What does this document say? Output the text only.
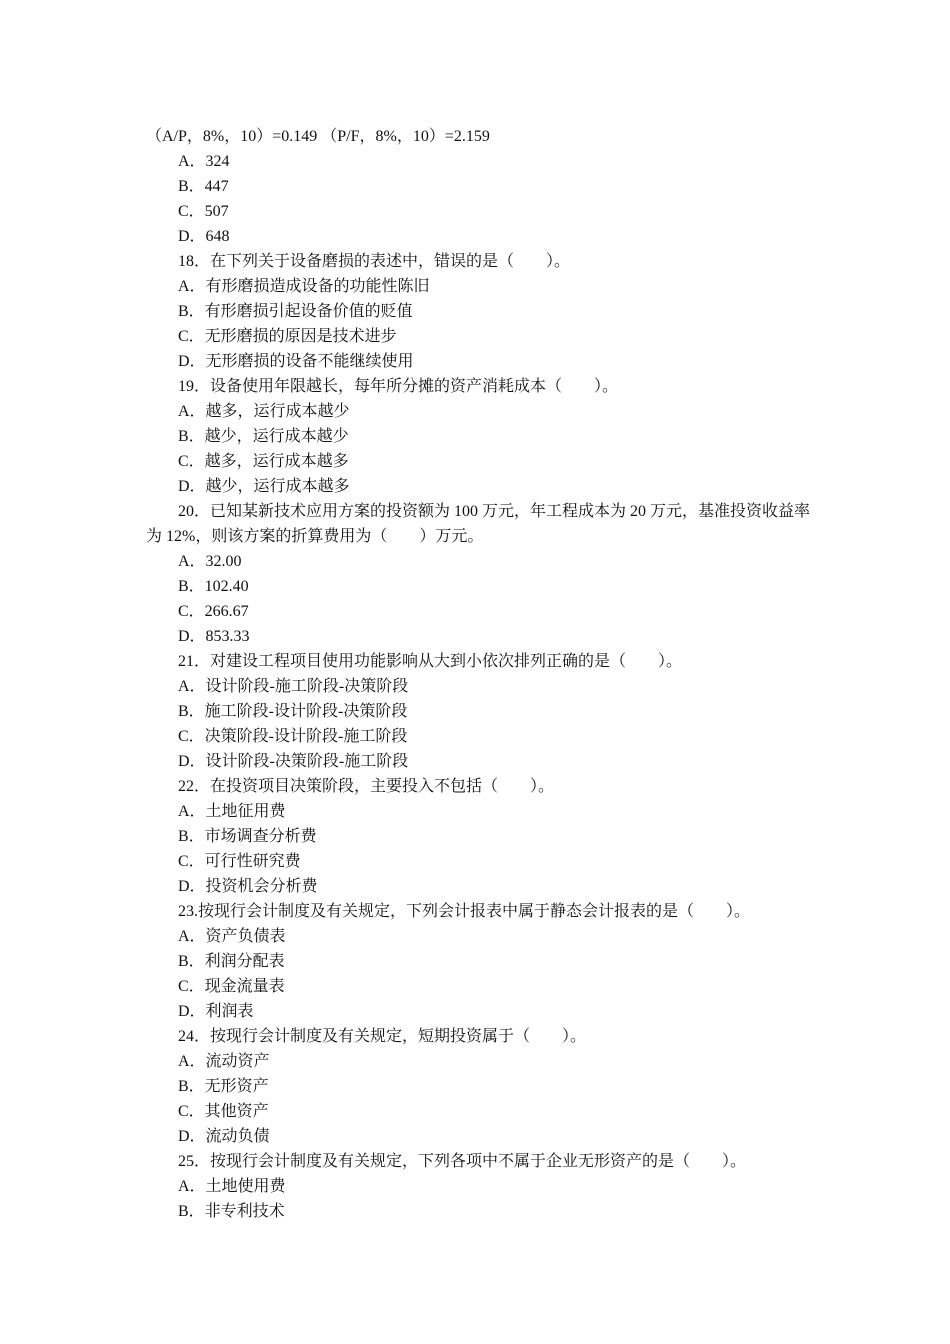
（A/P，8%，10）=0.149 （P/F，8%，10）=2.159
A．324
B．447
C．507
D．648
18．在下列关于设备磨损的表述中，错误的是（　　）。
A．有形磨损造成设备的功能性陈旧
B．有形磨损引起设备价值的贬值
C．无形磨损的原因是技术进步
D．无形磨损的设备不能继续使用
19．设备使用年限越长，每年所分摊的资产消耗成本（　　）。
A．越多，运行成本越少
B．越少，运行成本越少
C．越多，运行成本越多
D．越少，运行成本越多
20．已知某新技术应用方案的投资额为 100 万元，年工程成本为 20 万元，基准投资收益率为 12%，则该方案的折算费用为（　　）万元。
A．32.00
B．102.40
C．266.67
D．853.33
21．对建设工程项目使用功能影响从大到小依次排列正确的是（　　）。
A．设计阶段-施工阶段-决策阶段
B．施工阶段-设计阶段-决策阶段
C．决策阶段-设计阶段-施工阶段
D．设计阶段-决策阶段-施工阶段
22．在投资项目决策阶段，主要投入不包括（　　）。
A．土地征用费
B．市场调查分析费
C．可行性研究费
D．投资机会分析费
23.按现行会计制度及有关规定，下列会计报表中属于静态会计报表的是（　　）。
A．资产负债表
B．利润分配表
C．现金流量表
D．利润表
24．按现行会计制度及有关规定，短期投资属于（　　）。
A．流动资产
B．无形资产
C．其他资产
D．流动负债
25．按现行会计制度及有关规定，下列各项中不属于企业无形资产的是（　　）。
A．土地使用费
B．非专利技术
